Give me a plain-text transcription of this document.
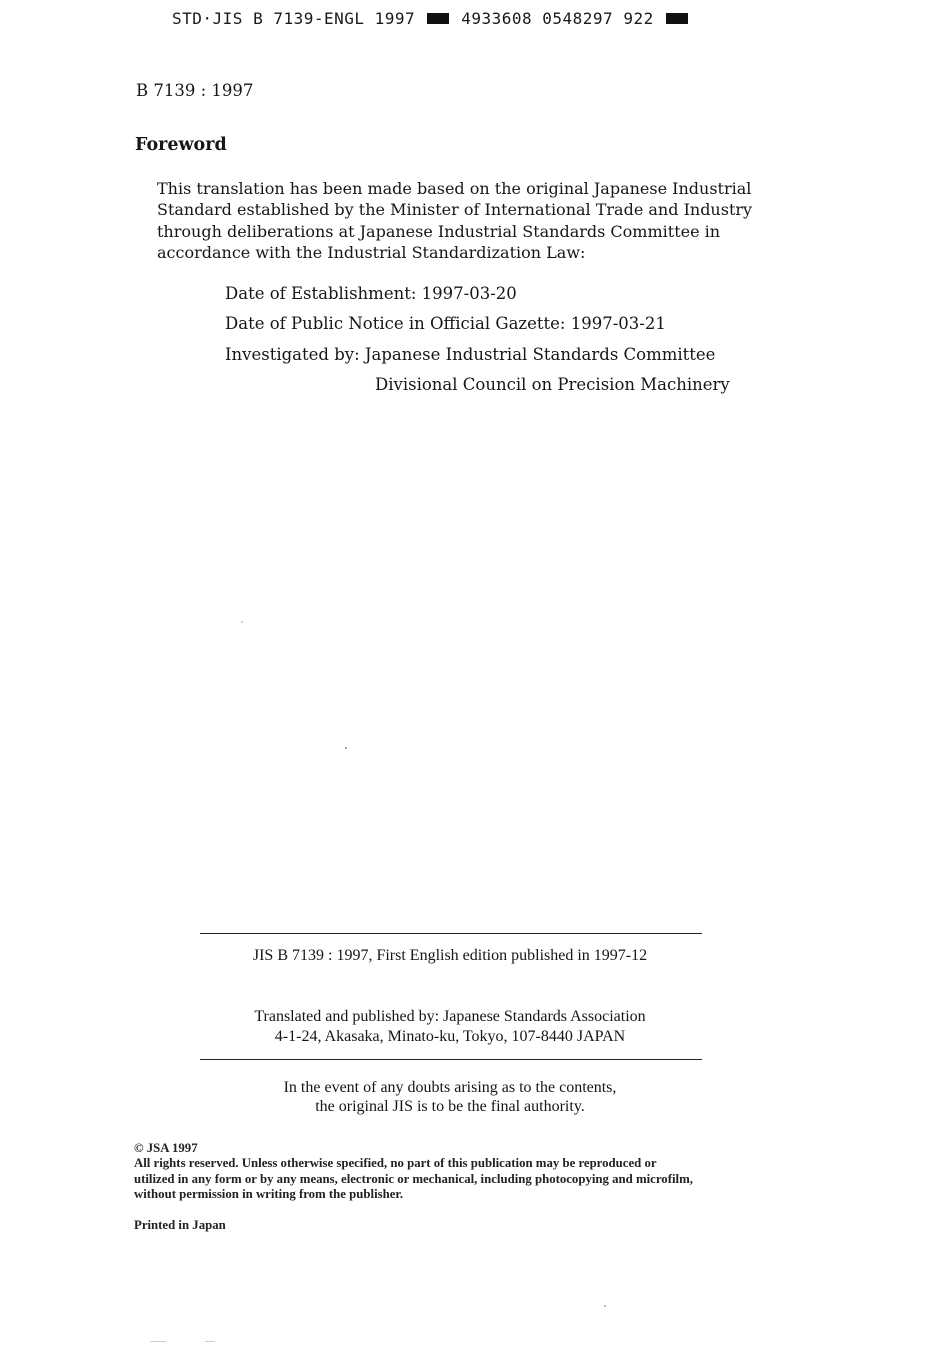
STD·JIS B 7139-ENGL 1997	4933608 0548297 922
B 7139 : 1997
Foreword

This translation has been made based on the original Japanese Industrial

Standard established by the Minister of International Trade and Industry

through deliberations at Japanese Industrial Standards Committee in

accordance with the Industrial Standardization Law:

Date of Establishment: 1997-03-20
Date of Public Notice in Official Gazette: 1997-03-21
Investigated by: Japanese Industrial Standards Committee
Divisional Council on Precision Machinery
JIS B 7139 : 1997, First English edition published in 1997-12
Translated and published by: Japanese Standards Association
4-1-24, Akasaka, Minato-ku, Tokyo, 107-8440 JAPAN
In the event of any doubts arising as to the contents,
the original JIS is to be the final authority.
© JSA 1997
All rights reserved. Unless otherwise specified, no part of this publication may be reproduced or
utilized in any form or by any means, electronic or mechanical, including photocopying and microfilm,
without permission in writing from the publisher.
Printed in Japan
